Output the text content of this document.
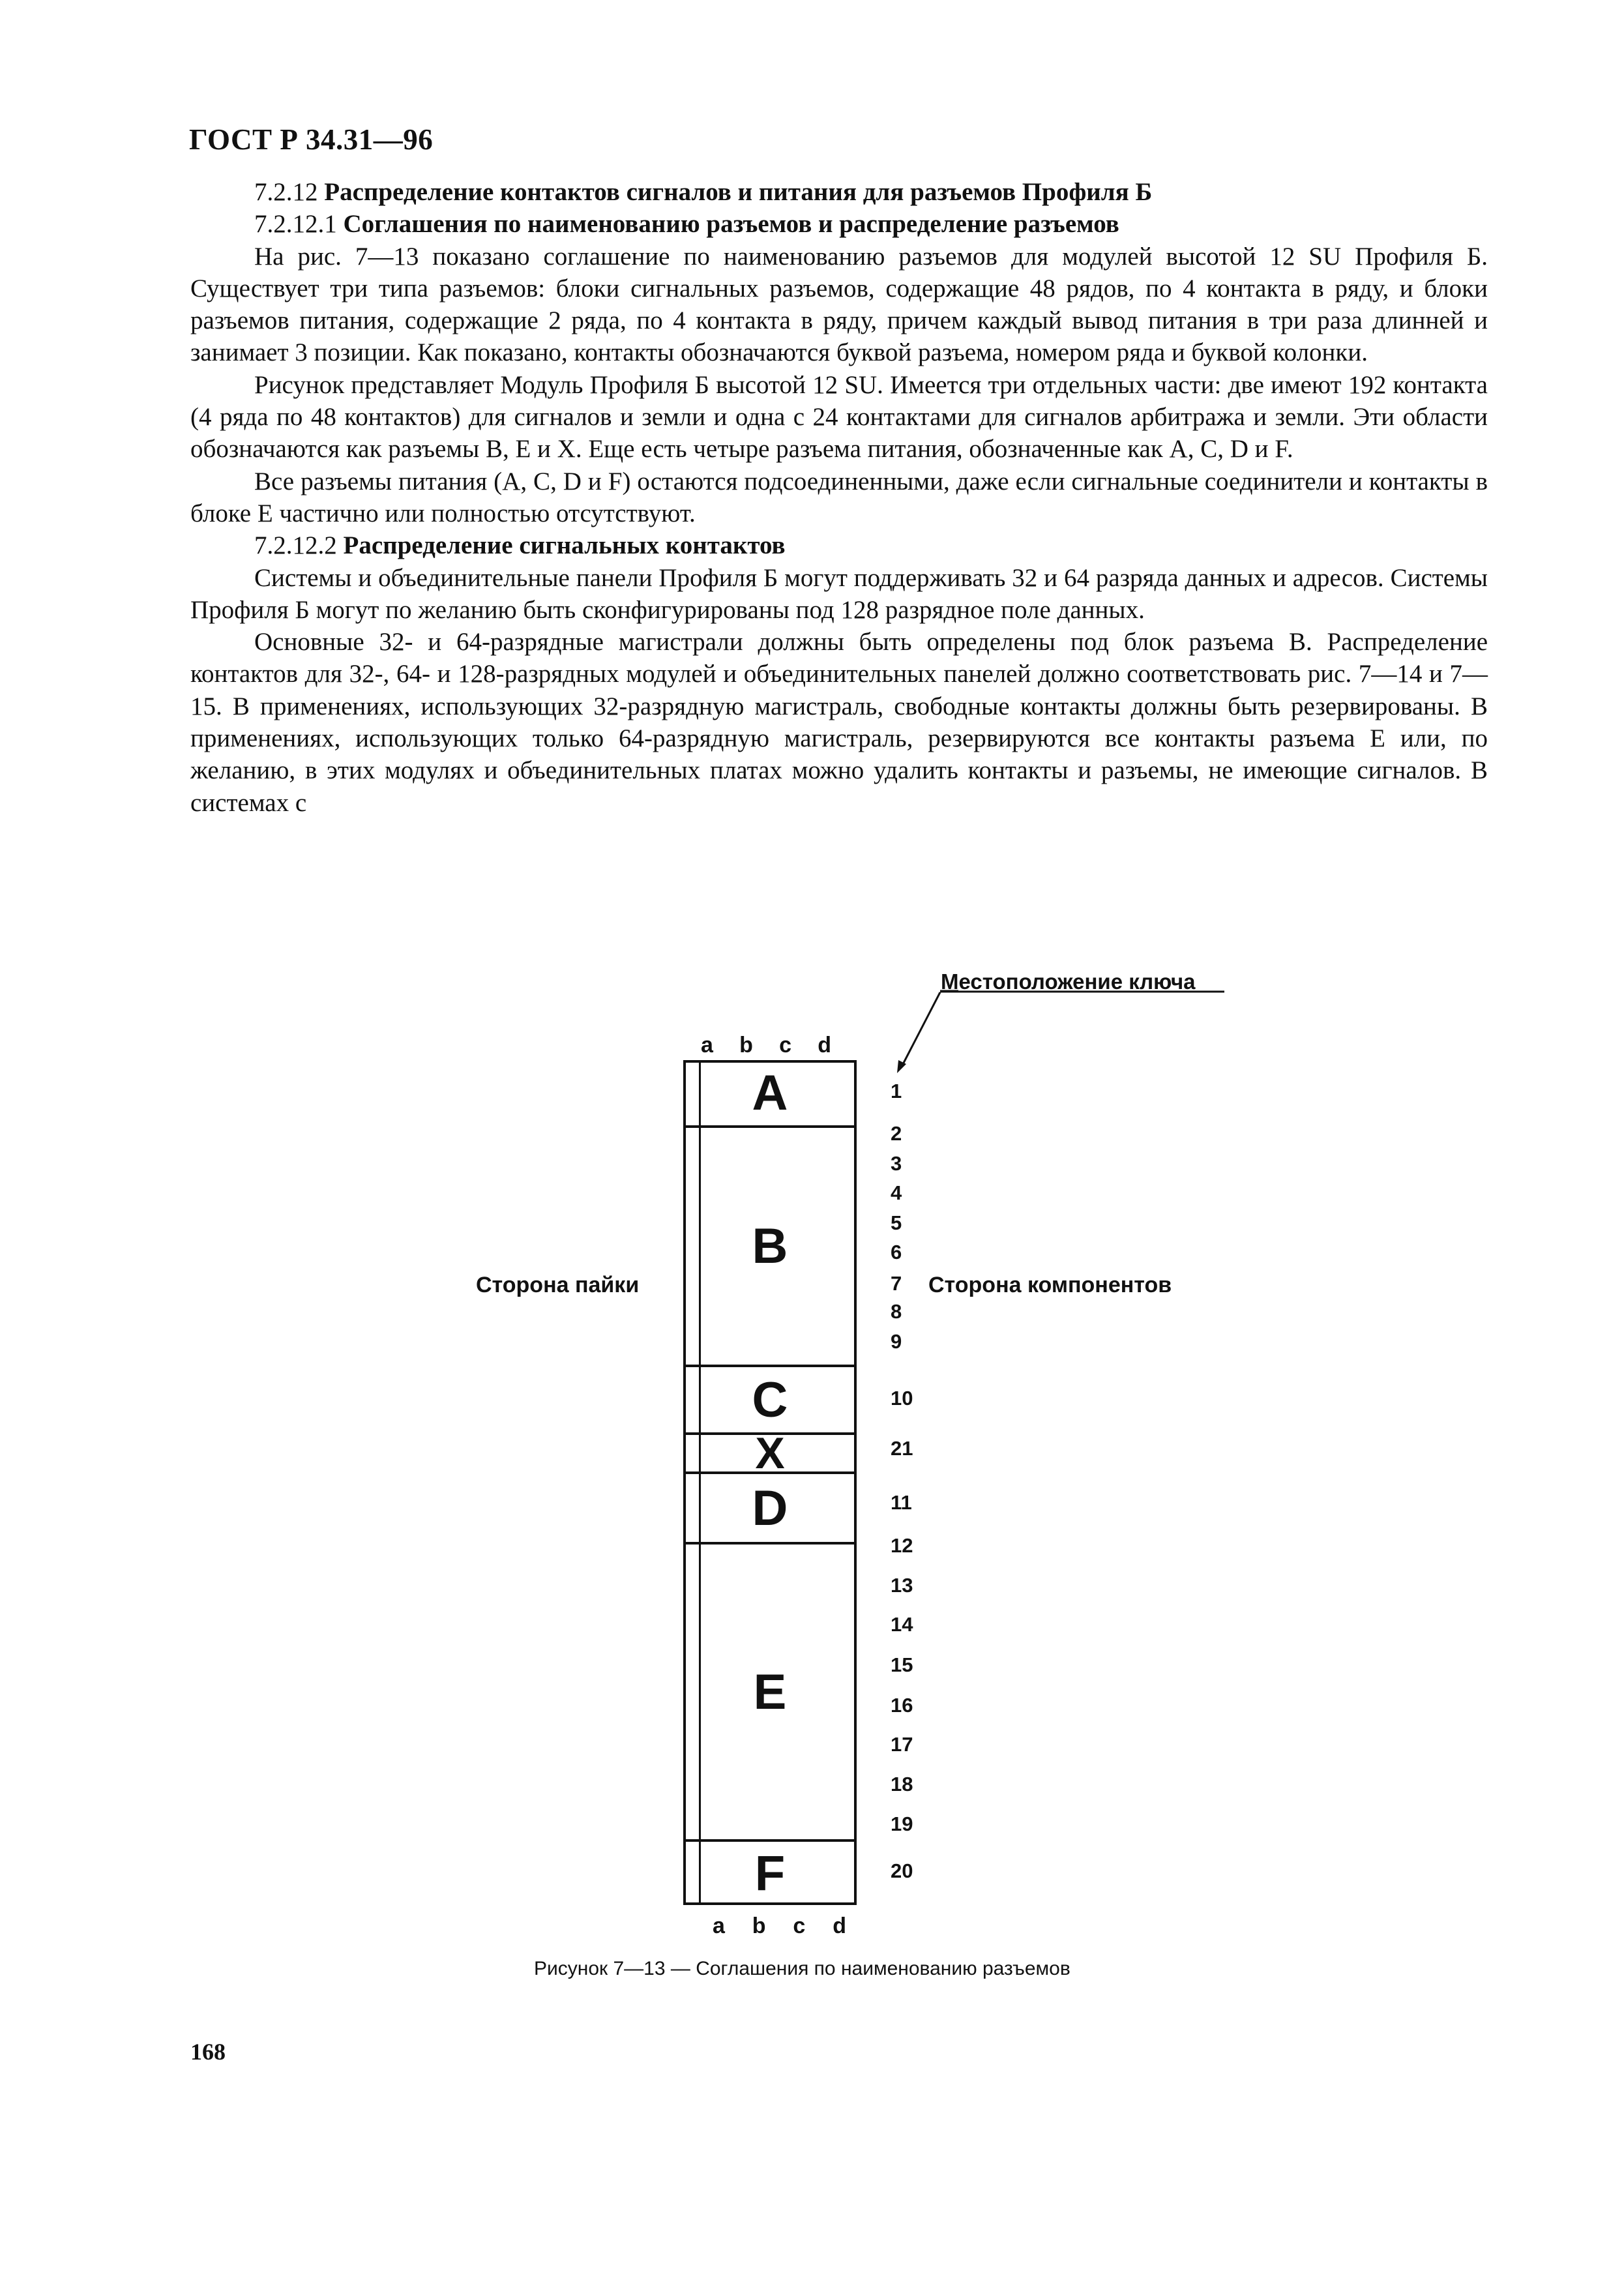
ГОСТ Р 34.31—96

7.2.12 Распределение контактов сигналов и питания для разъемов Профиля Б

7.2.12.1 Соглашения по наименованию разъемов и распределение разъемов

На рис. 7—13 показано соглашение по наименованию разъемов для модулей высотой 12 SU Профиля Б. Существует три типа разъемов: блоки сигнальных разъемов, содержащие 48 рядов, по 4 контакта в ряду, и блоки разъемов питания, содержащие 2 ряда, по 4 контакта в ряду, причем каждый вывод питания в три раза длинней и занимает 3 позиции. Как показано, контакты обозначаются буквой разъема, номером ряда и буквой колонки.

Рисунок представляет Модуль Профиля Б высотой 12 SU. Имеется три отдельных части: две имеют 192 контакта (4 ряда по 48 контактов) для сигналов и земли и одна с 24 контактами для сигналов арбитража и земли. Эти области обозначаются как разъемы В, Е и X. Еще есть четыре разъема питания, обозначенные как А, С, D и F.

Все разъемы питания (А, С, D и F) остаются подсоединенными, даже если сигнальные соединители и контакты в блоке Е частично или полностью отсутствуют.

7.2.12.2 Распределение сигнальных контактов

Системы и объединительные панели Профиля Б могут поддерживать 32 и 64 разряда данных и адресов. Системы Профиля Б могут по желанию быть сконфигурированы под 128 разрядное поле данных.

Основные 32- и 64-разрядные магистрали должны быть определены под блок разъема В. Распределение контактов для 32-, 64- и 128-разрядных модулей и объединительных панелей должно соответствовать рис. 7—14 и 7—15. В применениях, использующих 32-разрядную магистраль, свободные контакты должны быть резервированы. В применениях, использующих только 64-разрядную магистраль, резервируются все контакты разъема Е или, по желанию, в этих модулях и объединительных платах можно удалить контакты и разъемы, не имеющие сигналов. В системах с

Местоположение ключа
a b c d
Сторона пайки	Сторона компонентов
A
B
C
X
D
E
F
1
2
3
4
5
6
7
8
9
10
21
11
12
13
14
15
16
17
18
19
20
a b c d
Рисунок 7—13 — Соглашения по наименованию разъемов
168
